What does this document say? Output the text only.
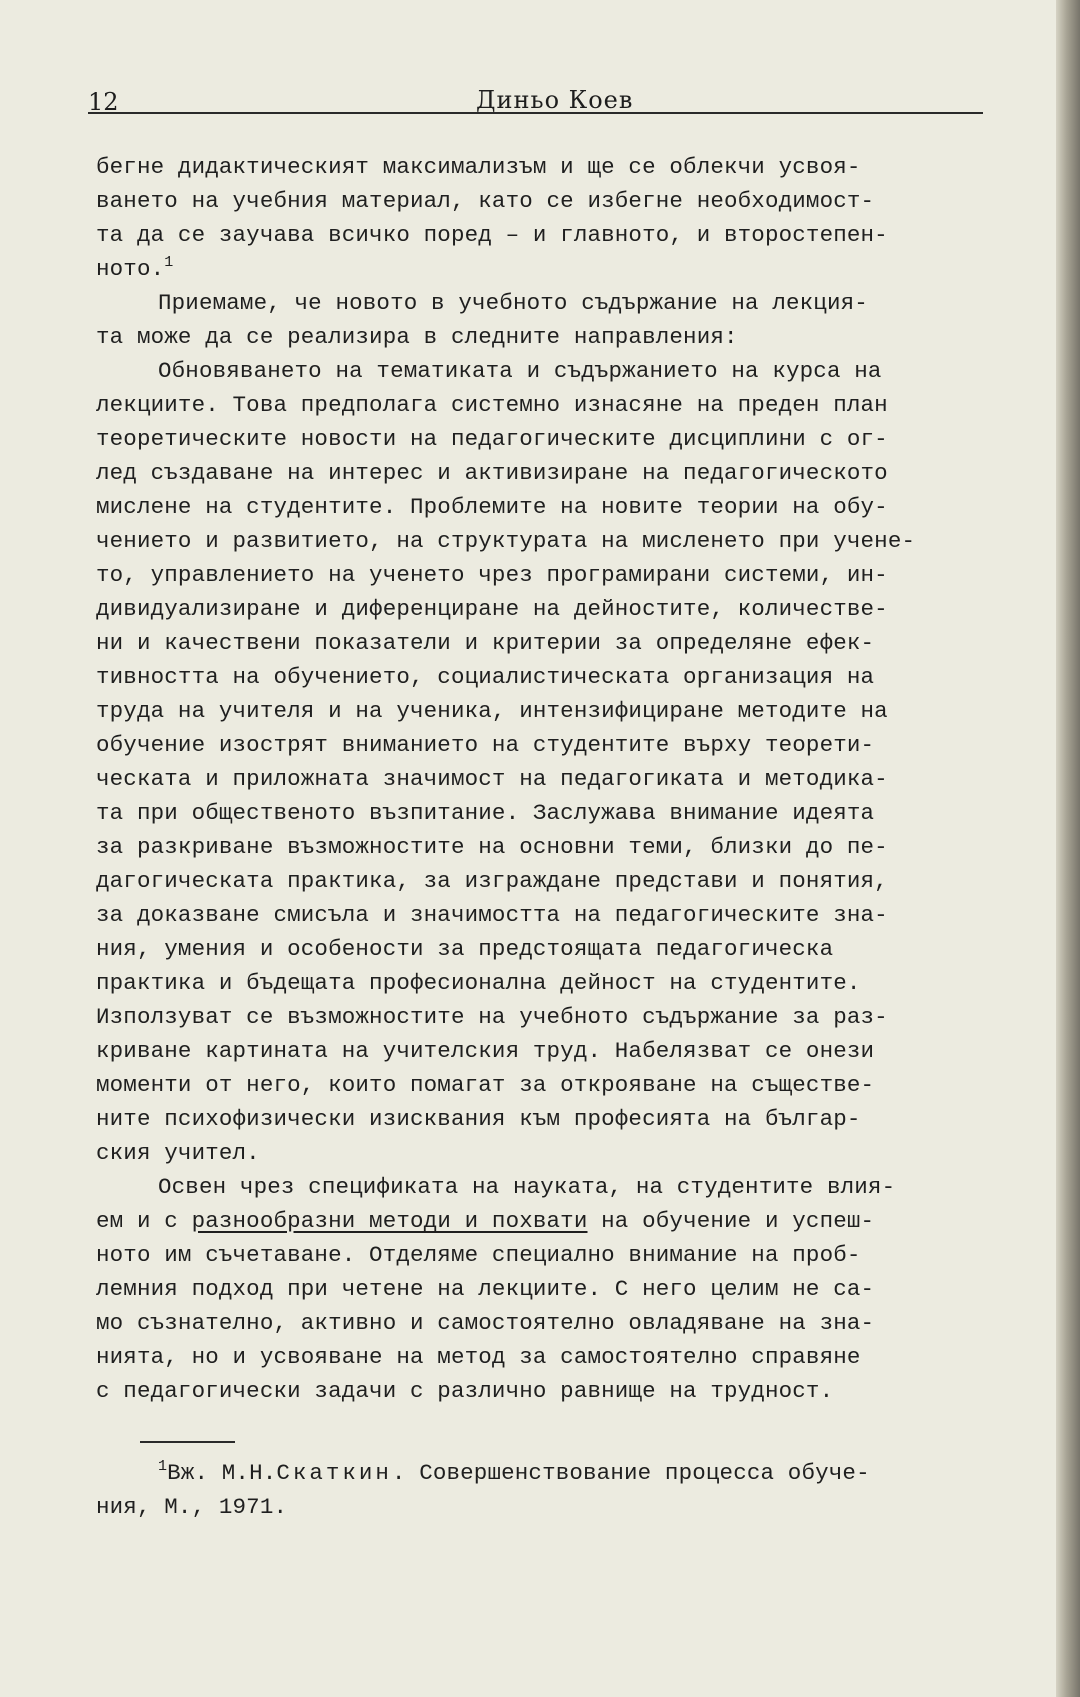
12	Диньо Коев
бегне дидактическият максимализъм и ще се облекчи усвоя-
ването на учебния материал, като се избегне необходимост-
та да се заучава всичко поред – и главното, и второстепен-
ното.$^1$
Приемаме, че новото в учебното съдържание на лекция-
та може да се реализира в следните направления:
Обновяването на тематиката и съдържанието на курса на
лекциите. Това предполага системно изнасяне на преден план
теоретическите новости на педагогическите дисциплини с ог-
лед създаване на интерес и активизиране на педагогическото
мислене на студентите. Проблемите на новите теории на обу-
чението и развитието, на структурата на мисленето при учене-
то, управлението на ученето чрез програмирани системи, ин-
дивидуализиране и диференциране на дейностите, количестве-
ни и качествени показатели и критерии за определяне ефек-
тивността на обучението, социалистическата организация на
труда на учителя и на ученика, интензифициране методите на
обучение изострят вниманието на студентите върху теорети-
ческата и приложната значимост на педагогиката и методика-
та при общественото възпитание. Заслужава внимание идеята
за разкриване възможностите на основни теми, близки до пе-
дагогическата практика, за изграждане представи и понятия,
за доказване смисъла и значимостта на педагогическите зна-
ния, умения и особености за предстоящата педагогическа
практика и бъдещата професионална дейност на студентите.
Използуват се възможностите на учебното съдържание за раз-
криване картината на учителския труд. Набелязват се онези
моменти от него, които помагат за открояване на съществе-
ните психофизически изисквания към професията на българ-
ския учител.
Освен чрез спецификата на науката, на студентите влия-
ем и с разнообразни методи и похвати на обучение и успеш-
ното им съчетаване. Отделяме специално внимание на проб-
лемния подход при четене на лекциите. С него целим не са-
мо съзнателно, активно и самостоятелно овладяване на зна-
нията, но и усвояване на метод за самостоятелно справяне
с педагогически задачи с различно равнище на трудност.
$^1$Вж. М.Н.Скаткин. Совершенствование процесса обуче-
ния, М., 1971.
